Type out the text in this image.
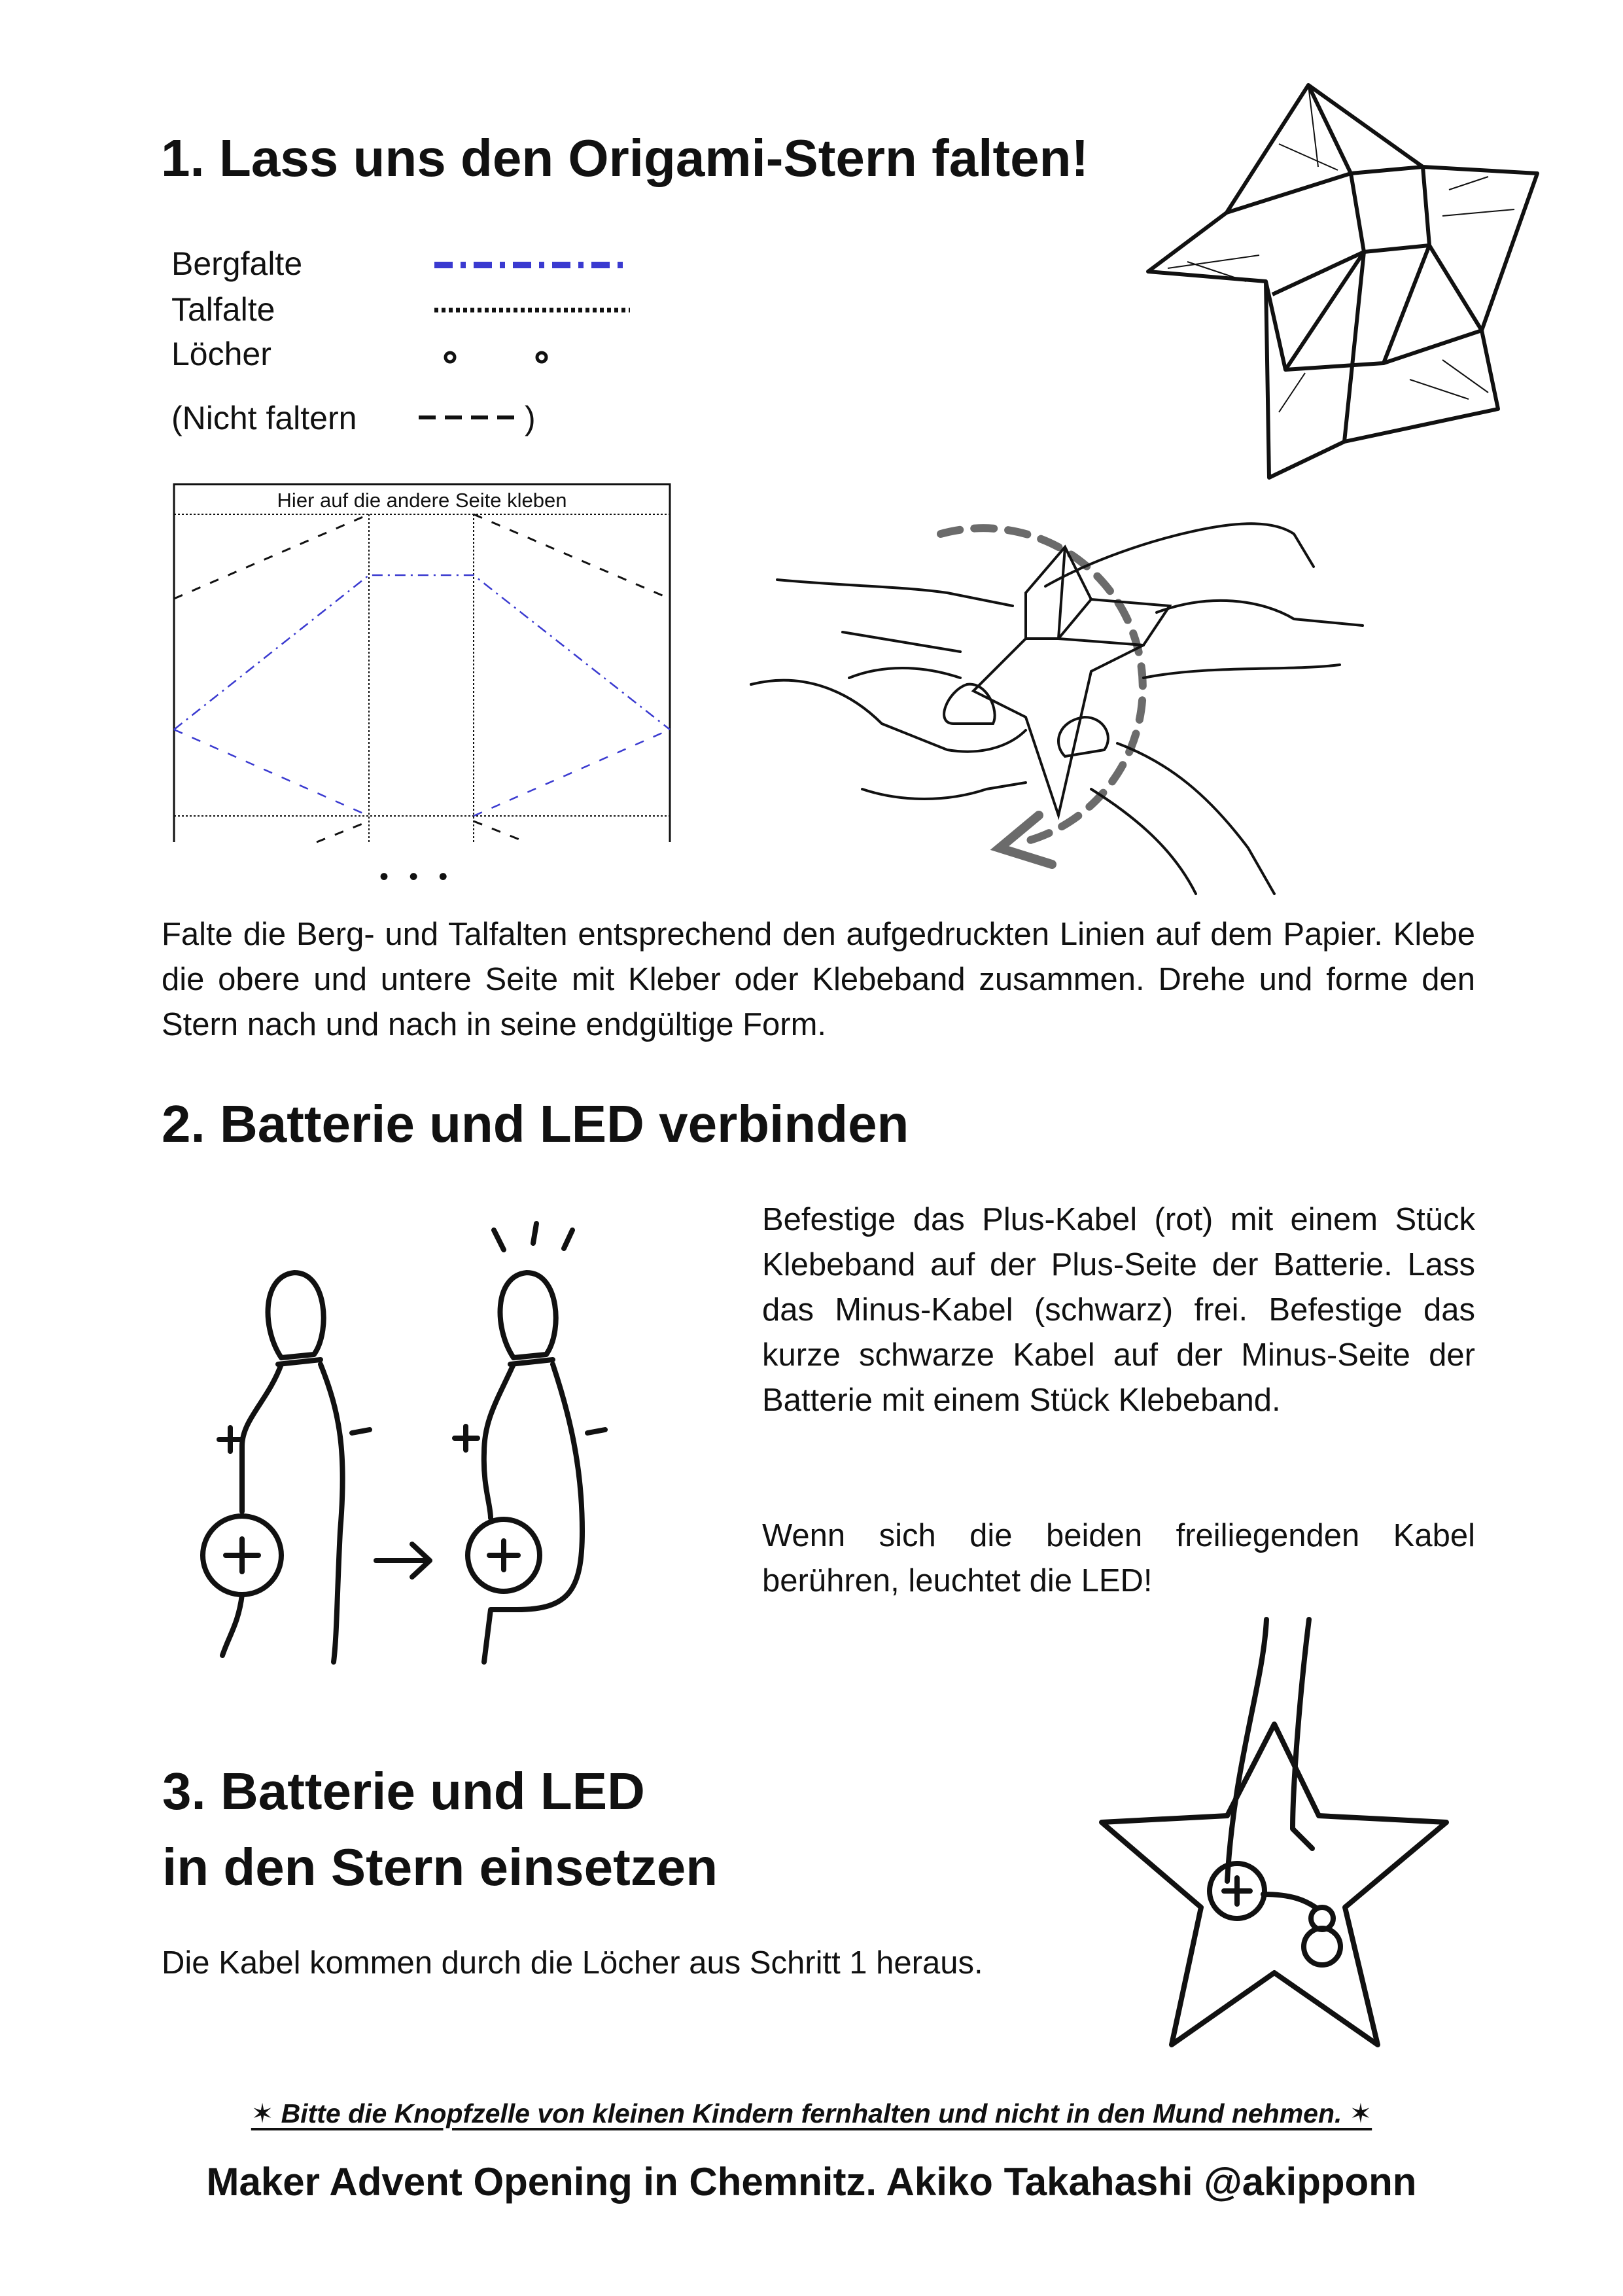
1. Lass uns den Origami-Stern falten!
Bergfalte
Talfalte
Löcher
(Nicht faltern	)
Hier auf die andere Seite kleben
• • •
Falte die Berg- und Talfalten entsprechend den aufgedruckten Linien auf dem Papier. Klebe die obere und untere Seite mit Kleber oder Klebeband zusammen. Drehe und forme den Stern nach und nach in seine endgültige Form.
2. Batterie und LED verbinden
Befestige das Plus-Kabel (rot) mit einem Stück Klebeband auf der Plus-Seite der Batterie. Lass das Minus-Kabel (schwarz) frei. Befestige das kurze schwarze Kabel auf der Minus-Seite der Batterie mit einem Stück Klebeband.
Wenn sich die beiden freiliegenden Kabel berühren, leuchtet die LED!
3. Batterie und LED
in den Stern einsetzen
Die Kabel kommen durch die Löcher aus Schritt 1 heraus.
✶ Bitte die Knopfzelle von kleinen Kindern fernhalten und nicht in den Mund nehmen. ✶
Maker Advent Opening in Chemnitz. Akiko Takahashi @akipponn
